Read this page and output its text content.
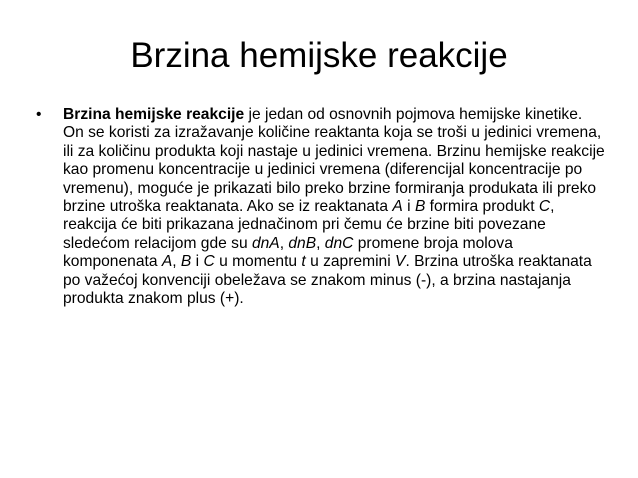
Brzina hemijske reakcije
• Brzina hemijske reakcije je jedan od osnovnih pojmova hemijske kinetike. On se koristi za izražavanje količine reaktanta koja se troši u jedinici vremena, ili za količinu produkta koji nastaje u jedinici vremena. Brzinu hemijske reakcije kao promenu koncentracije u jedinici vremena (diferencijal koncentracije po vremenu), moguće je prikazati bilo preko brzine formiranja produkata ili preko brzine utroška reaktanata. Ako se iz reaktanata A i B formira produkt C, reakcija će biti prikazana jednačinom pri čemu će brzine biti povezane sledećom relacijom gde su dnA, dnB, dnC promene broja molova komponenata A, B i C u momentu t u zapremini V. Brzina utroška reaktanata po važećoj konvenciji obeležava se znakom minus (-), a brzina nastajanja produkta znakom plus (+).
